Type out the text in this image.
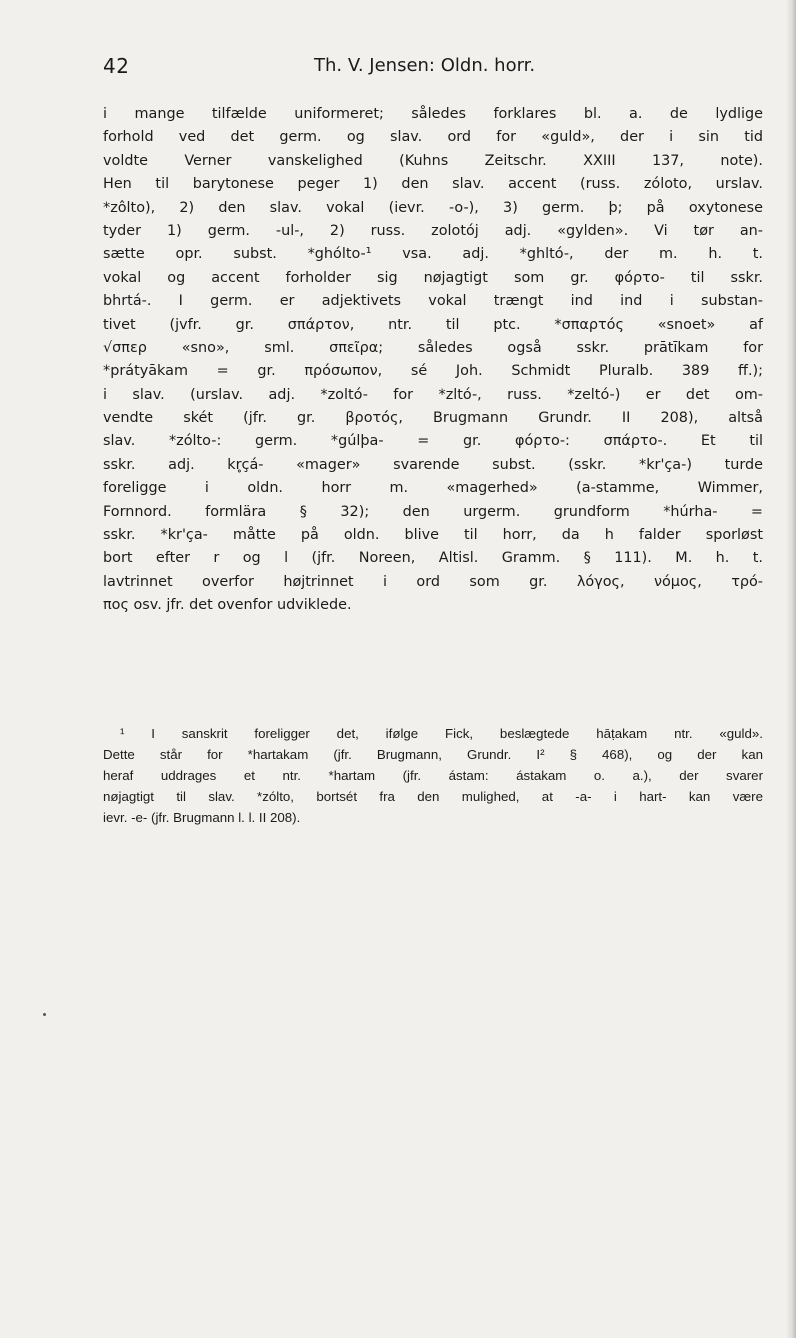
42	Th. V. Jensen: Oldn. horr.
i mange tilfælde uniformeret; således forklares bl. a. de lydlige
forhold ved det germ. og slav. ord for «guld», der i sin tid
voldte Verner vanskelighed (Kuhns Zeitschr. XXIII 137, note).
Hen til barytonese peger 1) den slav. accent (russ. zóloto, urslav.
*zôlto), 2) den slav. vokal (ievr. -o-), 3) germ. þ; på oxytonese
tyder 1) germ. -ul-, 2) russ. zolotój adj. «gylden». Vi tør an-
sætte opr. subst. *ghólto-¹ vsa. adj. *ghltó-, der m. h. t.
vokal og accent forholder sig nøjagtigt som gr. φόρτο- til sskr.
bhrtá-. I germ. er adjektivets vokal trængt ind ind i substan-
tivet (jvfr. gr. σπάρτον, ntr. til ptc. *σπαρτός «snoet» af
√σπερ «sno», sml. σπεῖρα; således også sskr. prātīkam for
*prátyākam = gr. πρόσωπον, sé Joh. Schmidt Pluralb. 389 ff.);
i slav. (urslav. adj. *zoltó- for *zltó-, russ. *zeltó-) er det om-
vendte skét (jfr. gr. βροτός, Brugmann Grundr. II 208), altså
slav. *zólto-: germ. *gúlþa- = gr. φόρτο-: σπάρτο-. Et til
sskr. adj. kr̥çá- «mager» svarende subst. (sskr. *kr'ça-) turde
foreligge i oldn. horr m. «magerhed» (a-stamme, Wimmer,
Fornnord. formlära § 32); den urgerm. grundform *húrha- =
sskr. *kr'ça- måtte på oldn. blive til horr, da h falder sporløst
bort efter r og l (jfr. Noreen, Altisl. Gramm. § 111). M. h. t.
lavtrinnet overfor højtrinnet i ord som gr. λόγος, νόμος, τρό-
πος osv. jfr. det ovenfor udviklede.
¹ I sanskrit foreligger det, ifølge Fick, beslægtede hāṭakam ntr. «guld».
Dette står for *hartakam (jfr. Brugmann, Grundr. I² § 468), og der kan
heraf uddrages et ntr. *hartam (jfr. ástam: ástakam o. a.), der svarer
nøjagtigt til slav. *zólto, bortsét fra den mulighed, at -a- i hart- kan være
ievr. -e- (jfr. Brugmann l. l. II 208).
